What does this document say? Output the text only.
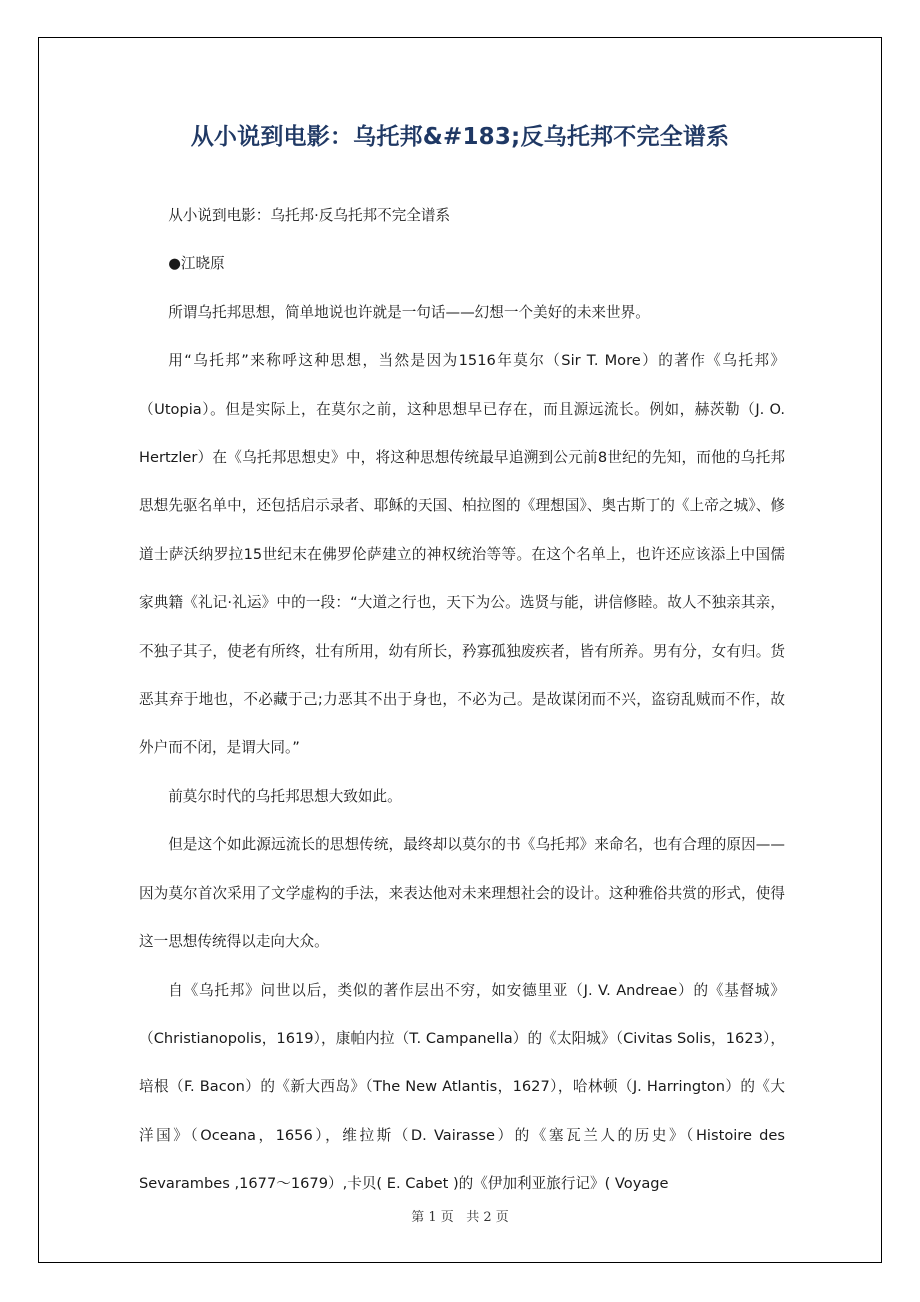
从小说到电影：乌托邦&#183;反乌托邦不完全谱系

从小说到电影：乌托邦·反乌托邦不完全谱系

●江晓原

所谓乌托邦思想，简单地说也许就是一句话——幻想一个美好的未来世界。

用“乌托邦”来称呼这种思想，当然是因为1516年莫尔（Sir T. More）的著作《乌托邦》（Utopia）。但是实际上，在莫尔之前，这种思想早已存在，而且源远流长。例如，赫茨勒（J. O. Hertzler）在《乌托邦思想史》中，将这种思想传统最早追溯到公元前8世纪的先知，而他的乌托邦思想先驱名单中，还包括启示录者、耶稣的天国、柏拉图的《理想国》、奥古斯丁的《上帝之城》、修道士萨沃纳罗拉15世纪末在佛罗伦萨建立的神权统治等等。在这个名单上，也许还应该添上中国儒家典籍《礼记·礼运》中的一段：“大道之行也，天下为公。选贤与能，讲信修睦。故人不独亲其亲，不独子其子，使老有所终，壮有所用，幼有所长，矜寡孤独废疾者，皆有所养。男有分，女有归。货恶其弃于地也，不必藏于己;力恶其不出于身也，不必为己。是故谋闭而不兴，盗窃乱贼而不作，故外户而不闭，是谓大同。”

前莫尔时代的乌托邦思想大致如此。

但是这个如此源远流长的思想传统，最终却以莫尔的书《乌托邦》来命名，也有合理的原因——因为莫尔首次采用了文学虚构的手法，来表达他对未来理想社会的设计。这种雅俗共赏的形式，使得这一思想传统得以走向大众。

自《乌托邦》问世以后，类似的著作层出不穷，如安德里亚（J. V. Andreae）的《基督城》（Christianopolis，1619），康帕内拉（T. Campanella）的《太阳城》（Civitas Solis，1623），培根（F. Bacon）的《新大西岛》（The New Atlantis，1627），哈林顿（J. Harrington）的《大洋国》（Oceana，1656），维拉斯（D. Vairasse）的《塞瓦兰人的历史》（Histoire des Sevarambes ,1677～1679）,卡贝( E. Cabet )的《伊加利亚旅行记》( Voyage

第 1 页 共 2 页
